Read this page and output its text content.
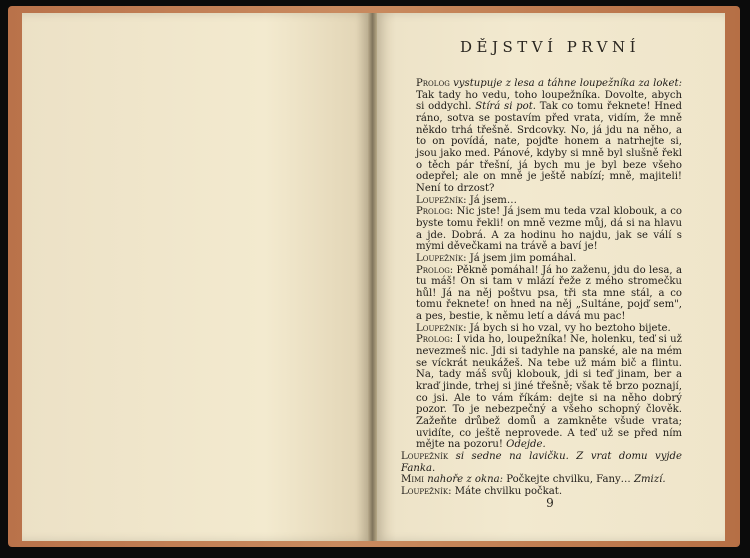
DĚJSTVÍ PRVNÍ
Prolog vystupuje z lesa a táhne loupežníka za loket: Tak tady ho vedu, toho loupežníka. Dovolte, abych si oddychl. Stírá si pot. Tak co tomu řeknete! Hned ráno, sotva se postavím před vrata, vidím, že mně někdo trhá třešně. Srdcovky. No, já jdu na něho, a to on povídá, nate, pojďte honem a natrhejte si, jsou jako med. Pánové, kdyby si mně byl slušně řekl o těch pár třešní, já bych mu je byl beze všeho odepřel; ale on mně je ještě nabízí; mně, majiteli! Není to drzost?
Loupežník: Já jsem…
Prolog: Nic jste! Já jsem mu teda vzal klobouk, a co byste tomu řekli! on mně vezme můj, dá si na hlavu a jde. Dobrá. A za hodinu ho najdu, jak se válí s mými děvečkami na trávě a baví je!
Loupežník: Já jsem jim pomáhal.
Prolog: Pěkně pomáhal! Já ho zaženu, jdu do lesa, a tu máš! On si tam v mlází řeže z mého stromečku hůl! Já na něj poštvu psa, tři sta mne stál, a co tomu řeknete! on hned na něj „Sultáne, pojď sem", a pes, bestie, k němu letí a dává mu pac!
Loupežník: Já bych si ho vzal, vy ho beztoho bijete.
Prolog: I vida ho, loupežníka! Ne, holenku, teď si už nevezmeš nic. Jdi si tadyhle na panské, ale na mém se víckrát neukážeš. Na tebe už mám bič a flintu. Na, tady máš svůj klobouk, jdi si teď jinam, ber a kraď jinde, trhej si jiné třešně; však tě brzo poznají, co jsi. Ale to vám říkám: dejte si na něho dobrý pozor. To je nebezpečný a všeho schopný člověk. Zažeňte drůbež domů a zamkněte všude vrata; uvidíte, co ještě neprovede. A teď už se před ním mějte na pozoru! Odejde.
Loupežník si sedne na lavičku. Z vrat domu vyjde Fanka.
Mimi nahoře z okna: Počkejte chvilku, Fany… Zmizí.
Loupežník: Máte chvilku počkat.
9
